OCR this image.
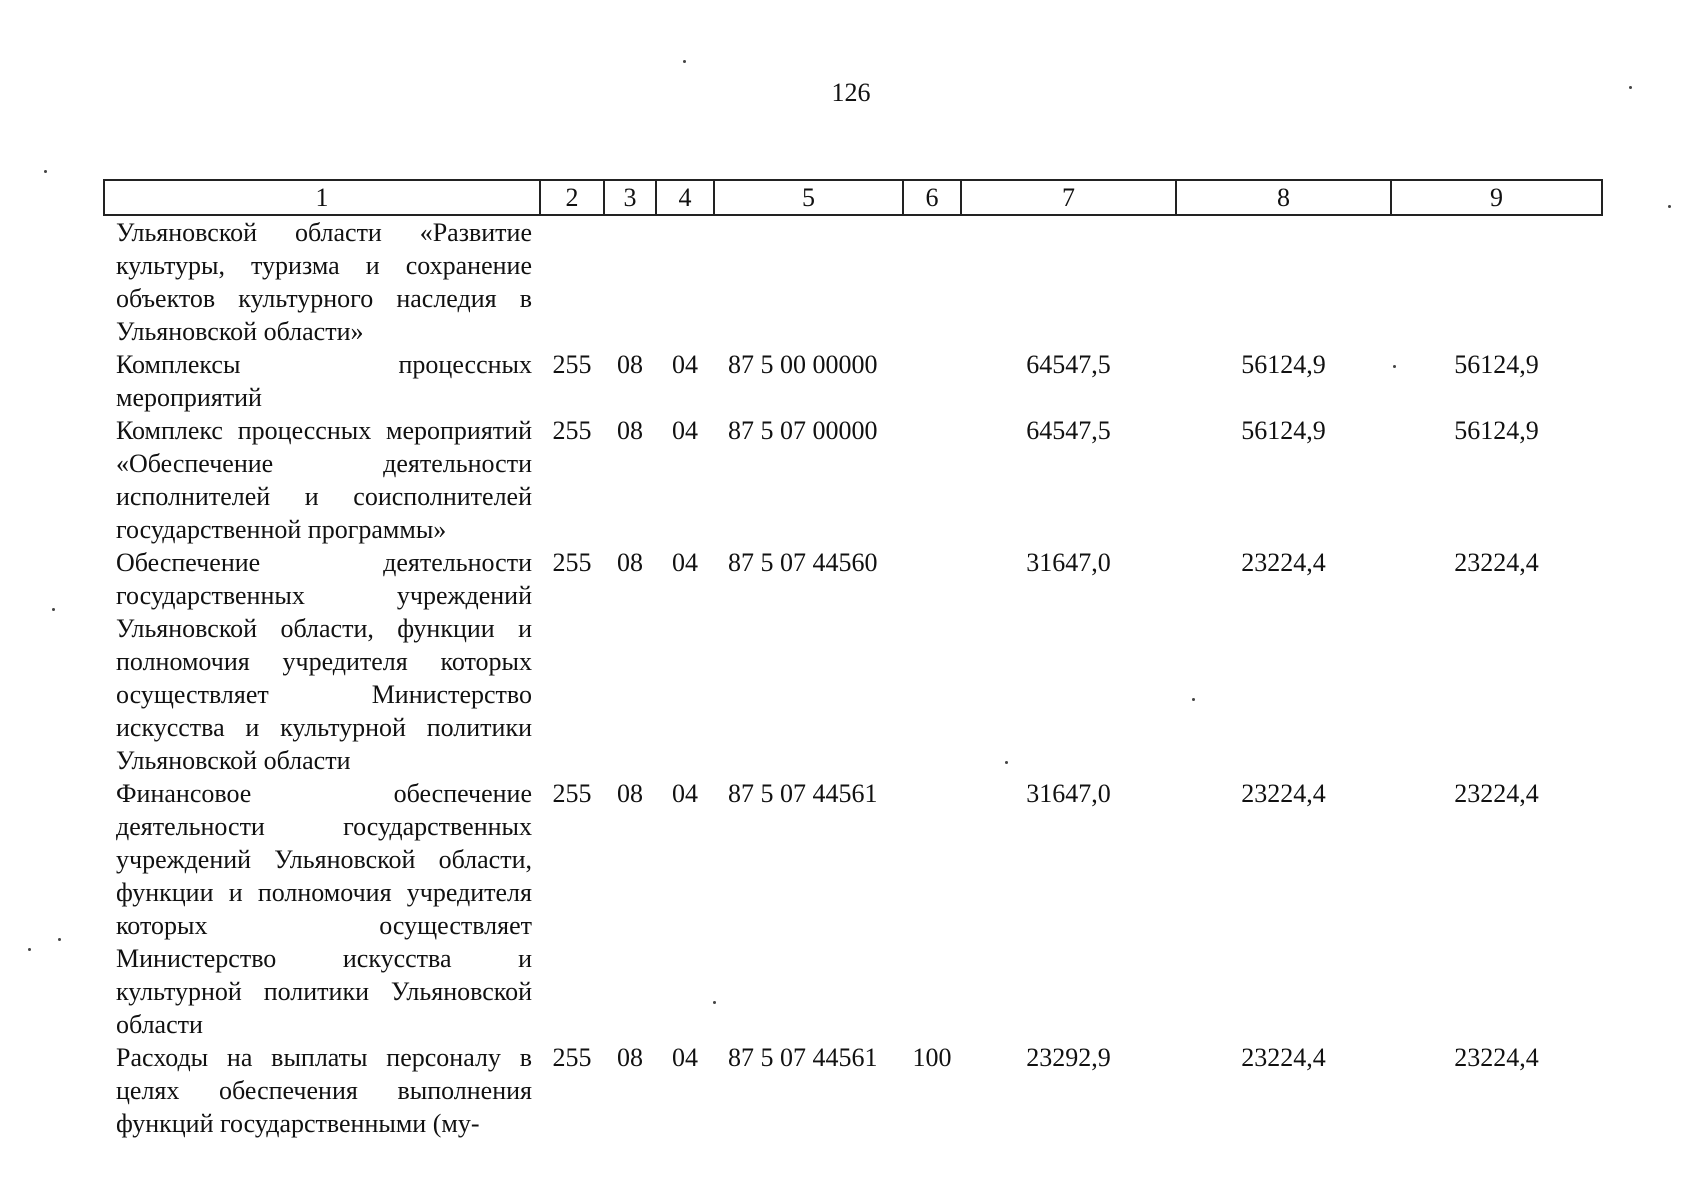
126
1	2	3	4	5	6	7	8	9
Ульяновской области «Развитие культуры, туризма и сохранение объектов культурного наследия в Ульяновской области»								
Комплексы процессных мероприятий	255	08	04	87 5 00 00000		64547,5	56124,9	56124,9
Комплекс процессных мероприятий «Обеспечение деятельности исполнителей и соисполнителей государственной программы»	255	08	04	87 5 07 00000		64547,5	56124,9	56124,9
Обеспечение деятельности государственных учреждений Ульяновской области, функции и полномочия учредителя которых осуществляет Министерство искусства и культурной политики Ульяновской области	255	08	04	87 5 07 44560		31647,0	23224,4	23224,4
Финансовое обеспечение деятельности государственных учреждений Ульяновской области, функции и полномочия учредителя которых осуществляет Министерство искусства и культурной политики Ульяновской области	255	08	04	87 5 07 44561		31647,0	23224,4	23224,4
Расходы на выплаты персоналу в целях обеспечения выполнения функций государственными (му-	255	08	04	87 5 07 44561	100	23292,9	23224,4	23224,4
